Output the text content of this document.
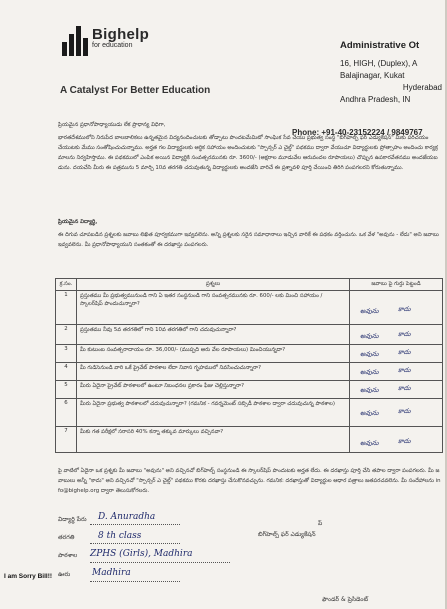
Bighelp
for education
A Catalyst For Better Education
Administrative Ot
16, HIGH, (Duplex), A
Balajinagar, Kukat
Hyderabad
Andhra Pradesh, IN
Phone: +91-40-23152224 / 9849767
ప్రియమైన ప్రధానోపాధ్యాయుడు లేక ప్రాధాన్య విధిగా,
భారతదేశములోని నిరుపేద బాలబాలికలు ఉన్నతమైన విద్యనందించుటకు తోడ్పాటు పొందటమేమిటో సాంఘిక సేవ చేయు ప్రభుత్వ సంస్థ "బిగ్‌హెల్ప్ ఫర్ ఎడ్యుకేషన్" మీకు పరిచయం చేయుటకు మేము సంతోషించుచున్నాము. అర్హత గల విద్యార్థులకు ఆర్థిక సహాయం అందించుటకు "స్పాన్సర్ ఎ చైల్డ్" పథకము ద్వారా వేయుచూ విద్యార్థులకు ప్రోత్సాహం అందించు కార్యక్రమాలను నిర్వహిస్తాము. ఈ పథకములో ఎంపిక అయిన విద్యార్థికి సంవత్సరమునకు రూ. 3600/- (అక్షరాల మూడువేల ఆరువందల రూపాయలు) చొప్పున ఉపకారవేతనము అందజేయబడును. దయచేసి మీరు ఈ పత్రమును 5 మార్చి 10వ తరగతి చదువుతున్న విద్యార్థులకు అందజేసి వారిచే ఈ ప్రశ్నావళి పూర్తి చేయించి తిరిగి పంపగలరని కోరుతున్నాము.
ప్రియమైన విద్యార్థి,
ఈ దిగువ చూపబడిన ప్రశ్నలకు జవాబు లిఖిత పూర్వకముగా ఇవ్వవలెను. అన్ని ప్రశ్నలకు సరైన సమాధానాలు ఇచ్చిన వారికే ఈ పథకం వర్తించును. ఒక వేళ "అవును - లేదు" అని జవాబు ఇవ్వవలెను. మీ ప్రధానోపాధ్యాయుని సంతకంతో ఈ దరఖాస్తు పంపగలరు.
క్ర.సం.	ప్రశ్నలు	జవాబు పై గుర్తు పెట్టండి
1	ప్రస్తుతము మీ ప్రభుత్వమునుండి గాని ఏ ఇతర సంస్థనుండి గాని సంవత్సరమునకు రూ. 600/- లకు మించి సహాయం / స్కాలర్‌షిప్ పొందుచున్నారా?	అవును కాదు

2	ప్రస్తుతము నీవు 5వ తరగతిలో గాని 10వ తరగతిలో గాని చదువుచున్నారా?	అవును కాదు

3	మీ కుటుంబ సంవత్సరాదాయం రూ. 36,000/- (ముప్పది ఆరు వేల రూపాయలు) మించియున్నదా?	అవును కాదు

4	మీ గుడిసెనుండి వారి ఒకే ప్రైవేట్ పాఠశాల లేదా నివాస గృహములో నివసించుచున్నారా?	అవును కాదు

5	మీరు ఏదైనా ప్రైవేట్ పాఠశాలలో ఉంటూ నిబంధనల ప్రకారం ఫీజు చెల్లిస్తున్నారా?	అవును కాదు

6	మీరు ఏదైనా ప్రభుత్వ పాఠశాలలో చదువుచున్నారా? (గమనిక - గవర్నమెంట్ సబ్సిడీ పాఠశాల ద్వారా చదువుచున్న పాఠశాల)	అవును కాదు

7	మీకు గత పరీక్షలో సరాసరి 40% కన్నా తక్కువ మార్కులు వచ్చినవా?	అవును కాదు
పై వాటిలో ఏదైనా ఒక ప్రశ్నకు మీ జవాబు "అవును" అని వచ్చినచో బిగ్‌హెల్ప్ సంస్థనుండి ఈ స్కాలర్‌షిప్ పొందుటకు అర్హత లేదు. ఈ దరఖాస్తు పూర్తి చేసి తపాల ద్వారా పంపగలరు. మీ జవాబులు అన్నీ "కాదు" అని వచ్చినచో "స్పాన్సర్ ఎ చైల్డ్" పథకము కొరకు దరఖాస్తు చేసుకొనవచ్చును. గమనిక: దరఖాస్తుతో విద్యార్థుల ఆధార పత్రాలు జతపరచవలెను. మీ సందేహాలను info@bighelp.org ద్వారా తెలుసుకోగలరు.
విద్యార్థి పేరు D. Anuradha
తరగతి	8 th class
పాఠశాల ZPHS (Girls), Madhira
ఊరు Madhira
ప్
బిగ్‌హెల్ప్ ఫర్ ఎడ్యుకేషన్
ఫౌండర్ & ప్రెసిడెంట్
I am Sorry Bill!!
